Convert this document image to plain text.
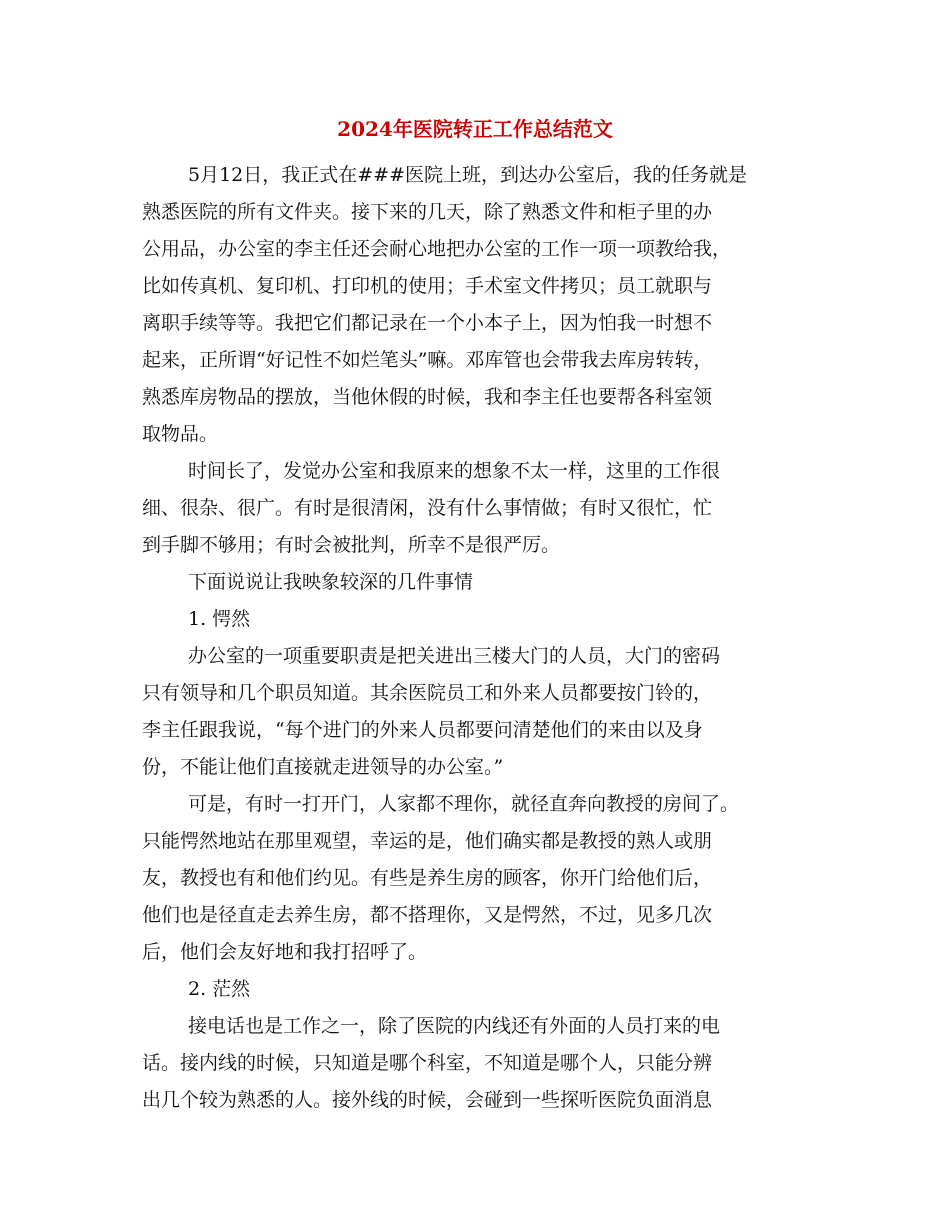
2024年医院转正工作总结范文
5月12日，我正式在###医院上班，到达办公室后，我的任务就是
熟悉医院的所有文件夹。接下来的几天，除了熟悉文件和柜子里的办
公用品，办公室的李主任还会耐心地把办公室的工作一项一项教给我，
比如传真机、复印机、打印机的使用；手术室文件拷贝；员工就职与
离职手续等等。我把它们都记录在一个小本子上，因为怕我一时想不
起来，正所谓“好记性不如烂笔头”嘛。邓库管也会带我去库房转转，
熟悉库房物品的摆放，当他休假的时候，我和李主任也要帮各科室领
取物品。
时间长了，发觉办公室和我原来的想象不太一样，这里的工作很
细、很杂、很广。有时是很清闲，没有什么事情做；有时又很忙，忙
到手脚不够用；有时会被批判，所幸不是很严厉。
下面说说让我映象较深的几件事情
1. 愕然
办公室的一项重要职责是把关进出三楼大门的人员，大门的密码
只有领导和几个职员知道。其余医院员工和外来人员都要按门铃的，
李主任跟我说，“每个进门的外来人员都要问清楚他们的来由以及身
份，不能让他们直接就走进领导的办公室。”
可是，有时一打开门，人家都不理你，就径直奔向教授的房间了。
只能愕然地站在那里观望，幸运的是，他们确实都是教授的熟人或朋
友，教授也有和他们约见。有些是养生房的顾客，你开门给他们后，
他们也是径直走去养生房，都不搭理你，又是愕然，不过，见多几次
后，他们会友好地和我打招呼了。
2. 茫然
接电话也是工作之一，除了医院的内线还有外面的人员打来的电
话。接内线的时候，只知道是哪个科室，不知道是哪个人，只能分辨
出几个较为熟悉的人。接外线的时候，会碰到一些探听医院负面消息
